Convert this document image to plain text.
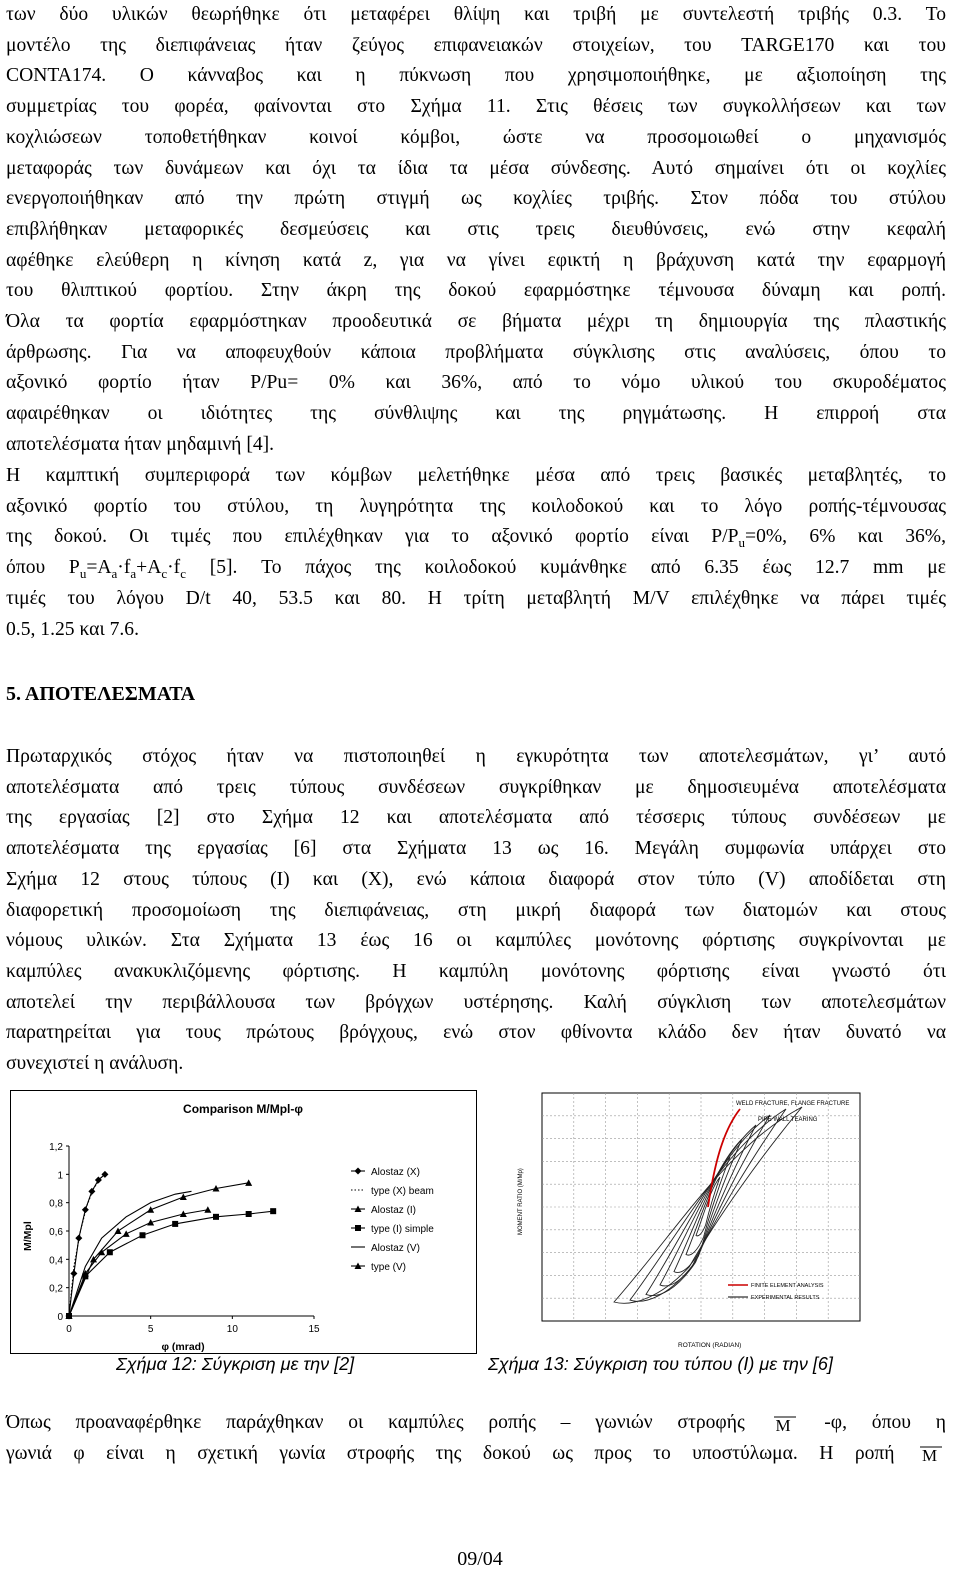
των δύο υλικών θεωρήθηκε ότι μεταφέρει θλίψη και τριβή με συντελεστή τριβής 0.3. Το
μοντέλο της διεπιφάνειας ήταν ζεύγος επιφανειακών στοιχείων, του TARGE170 και του
CONTA174. Ο κάνναβος και η πύκνωση που χρησιμοποιήθηκε, με αξιοποίηση της
συμμετρίας του φορέα, φαίνονται στο Σχήμα 11. Στις θέσεις των συγκολλήσεων και των
κοχλιώσεων τοποθετήθηκαν κοινοί κόμβοι, ώστε να προσομοιωθεί ο μηχανισμός
μεταφοράς των δυνάμεων και όχι τα ίδια τα μέσα σύνδεσης. Αυτό σημαίνει ότι οι κοχλίες
ενεργοποιήθηκαν από την πρώτη στιγμή ως κοχλίες τριβής. Στον πόδα του στύλου
επιβλήθηκαν μεταφορικές δεσμεύσεις και στις τρεις διευθύνσεις, ενώ στην κεφαλή
αφέθηκε ελεύθερη η κίνηση κατά z, για να γίνει εφικτή η βράχυνση κατά την εφαρμογή
του θλιπτικού φορτίου. Στην άκρη της δοκού εφαρμόστηκε τέμνουσα δύναμη και ροπή.
Όλα τα φορτία εφαρμόστηκαν προοδευτικά σε βήματα μέχρι τη δημιουργία της πλαστικής
άρθρωσης. Για να αποφευχθούν κάποια προβλήματα σύγκλισης στις αναλύσεις, όπου το
αξονικό φορτίο ήταν P/Pu= 0% και 36%, από το νόμο υλικού του σκυροδέματος
αφαιρέθηκαν οι ιδιότητες της σύνθλιψης και της ρηγμάτωσης. Η επιρροή στα
αποτελέσματα ήταν μηδαμινή [4].
Η καμπτική συμπεριφορά των κόμβων μελετήθηκε μέσα από τρεις βασικές μεταβλητές, το
αξονικό φορτίο του στύλου, τη λυγηρότητα της κοιλοδοκού και το λόγο ροπής-τέμνουσας
της δοκού. Οι τιμές που επιλέχθηκαν για το αξονικό φορτίο είναι $P/P_u=0\%$, 6% και 36%,
όπου $P_u=A_a\cdot f_a+A_c\cdot f_c$ [5]. Το πάχος της κοιλοδοκού κυμάνθηκε από 6.35 έως 12.7 mm με
τιμές του λόγου D/t 40, 53.5 και 80. Η τρίτη μεταβλητή M/V επιλέχθηκε να πάρει τιμές
0.5, 1.25 και 7.6.
5. ΑΠΟΤΕΛΕΣΜΑΤΑ
Πρωταρχικός στόχος ήταν να πιστοποιηθεί η εγκυρότητα των αποτελεσμάτων, γι’ αυτό
αποτελέσματα από τρεις τύπους συνδέσεων συγκρίθηκαν με δημοσιευμένα αποτελέσματα
της εργασίας [2] στο Σχήμα 12 και αποτελέσματα από τέσσερις τύπους συνδέσεων με
αποτελέσματα της εργασίας [6] στα Σχήματα 13 ως 16. Μεγάλη συμφωνία υπάρχει στο
Σχήμα 12 στους τύπους (I) και (X), ενώ κάποια διαφορά στον τύπο (V) αποδίδεται στη
διαφορετική προσομοίωση της διεπιφάνειας, στη μικρή διαφορά των διατομών και στους
νόμους υλικών. Στα Σχήματα 13 έως 16 οι καμπύλες μονότονης φόρτισης συγκρίνονται με
καμπύλες ανακυκλιζόμενης φόρτισης. Η καμπύλη μονότονης φόρτισης είναι γνωστό ότι
αποτελεί την περιβάλλουσα των βρόγχων υστέρησης. Καλή σύγκλιση των αποτελεσμάτων
παρατηρείται για τους πρώτους βρόγχους, ενώ στον φθίνοντα κλάδο δεν ήταν δυνατό να
συνεχιστεί η ανάλυση.
Comparison M/Mpl-φ
0
0,2
0,4
0,6
0,8
1
1,2
0	5	10	15
φ (mrad)
M/Mpl
Alostaz (X)
type (X) beam
Alostaz (I)
type (I) simple
Alostaz (V)
type (V)
WELD FRACTURE, FLANGE FRACTURE
PIPE WALL TEARING
FINITE ELEMENT ANALYSIS
EXPERIMENTAL RESULTS
ROTATION (RADIAN)
MOMENT RATIO (M/Mp)
Σχήμα 12: Σύγκριση με την [2]	Σχήμα 13: Σύγκριση του τύπου (I) με την [6]
Όπως προαναφέρθηκε παράχθηκαν οι καμπύλες ροπής – γωνιών στροφής M -φ, όπου η
γωνιά φ είναι η σχετική γωνία στροφής της δοκού ως προς το υποστύλωμα. Η ροπή M
09/04
